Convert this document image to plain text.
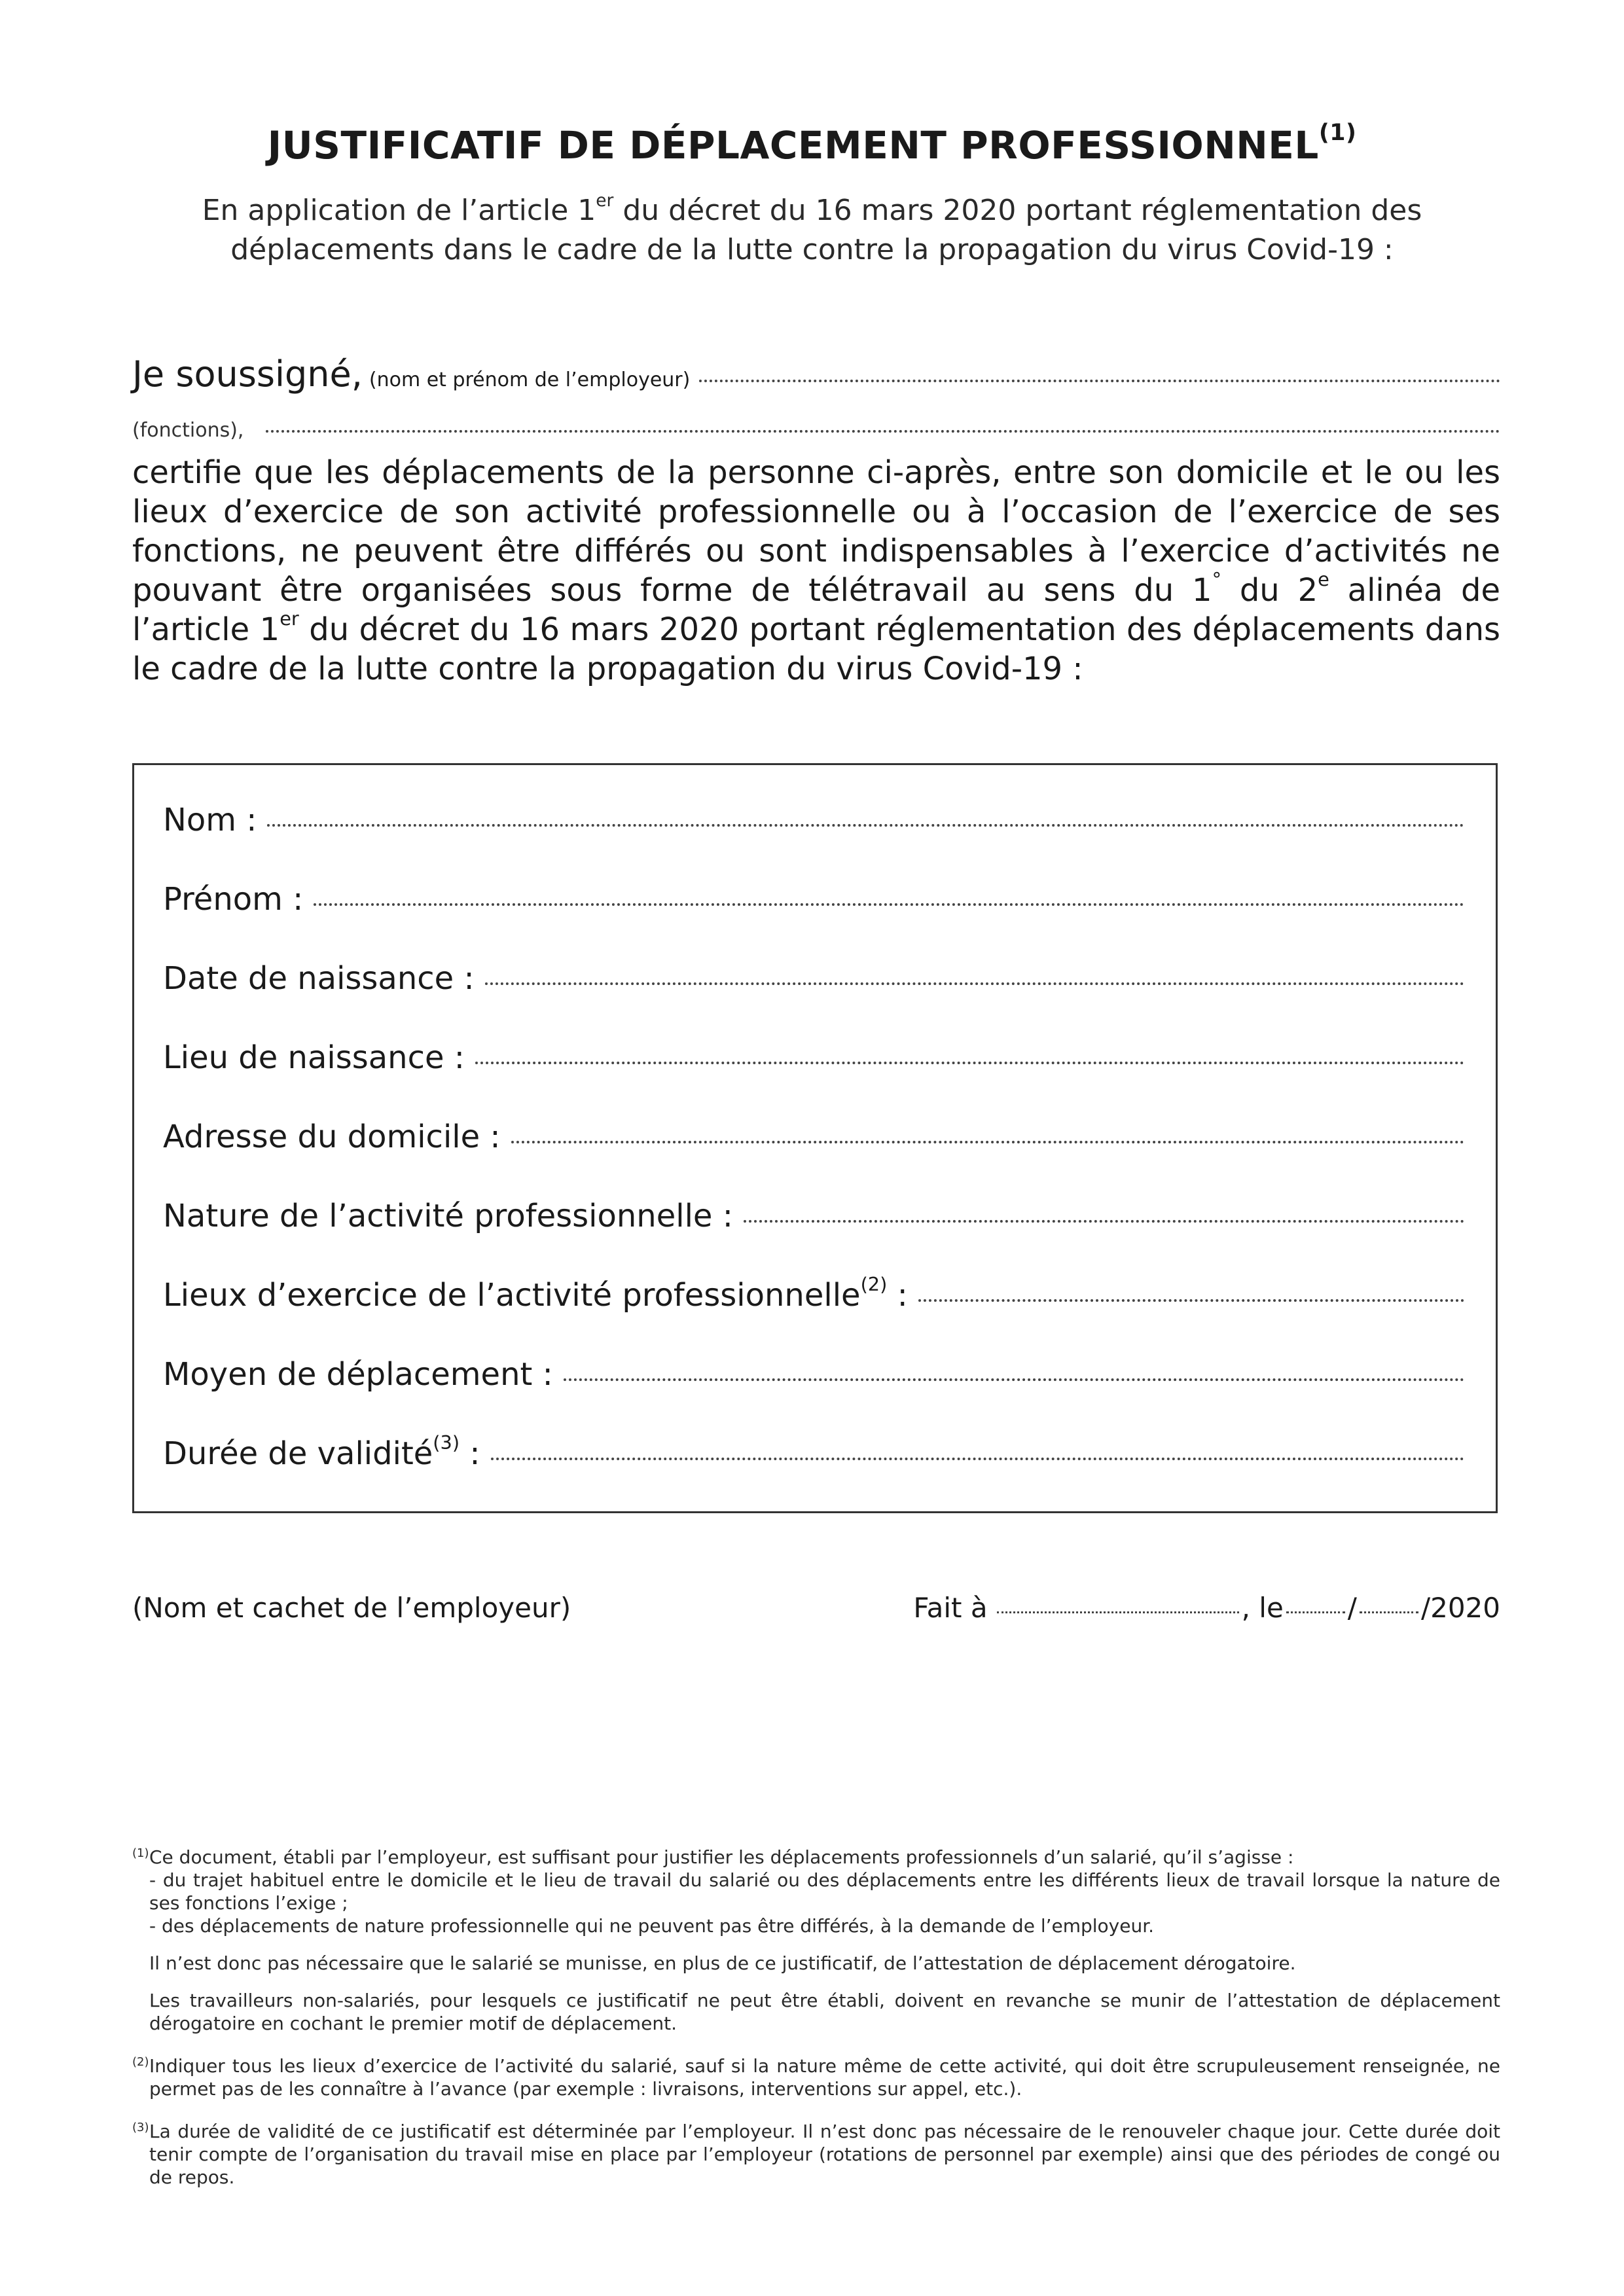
JUSTIFICATIF DE DÉPLACEMENT PROFESSIONNEL$^{(1)}$
En application de l’article 1er du décret du 16 mars 2020 portant réglementation des
déplacements dans le cadre de la lutte contre la propagation du virus Covid-19 :
Je soussigné, (nom et prénom de l’employeur)
(fonctions),
certifie que les déplacements de la personne ci-après, entre son domicile et le ou les lieux d’exercice de son activité professionnelle ou à l’occasion de l’exercice de ses fonctions, ne peuvent être différés ou sont indispensables à l’exercice d’activités ne pouvant être organisées sous forme de télétravail au sens du 1° du 2e alinéa de l’article 1er du décret du 16 mars 2020 portant réglementation des déplacements dans le cadre de la lutte contre la propagation du virus Covid-19 :
Nom :
Prénom :
Date de naissance :
Lieu de naissance :
Adresse du domicile :
Nature de l’activité professionnelle :
Lieux d’exercice de l’activité professionnelle$^{(2)}$ :
Moyen de déplacement :
Durée de validité$^{(3)}$ :
(Nom et cachet de l’employeur)	Fait à	, le / /2020
(1) Ce document, établi par l’employeur, est suffisant pour justifier les déplacements professionnels d’un salarié, qu’il s’agisse :

- du trajet habituel entre le domicile et le lieu de travail du salarié ou des déplacements entre les différents lieux de travail lorsque la nature de ses fonctions l’exige ;

- des déplacements de nature professionnelle qui ne peuvent pas être différés, à la demande de l’employeur.

Il n’est donc pas nécessaire que le salarié se munisse, en plus de ce justificatif, de l’attestation de déplacement dérogatoire.

Les travailleurs non-salariés, pour lesquels ce justificatif ne peut être établi, doivent en revanche se munir de l’attestation de déplacement dérogatoire en cochant le premier motif de déplacement.

(2) Indiquer tous les lieux d’exercice de l’activité du salarié, sauf si la nature même de cette activité, qui doit être scrupuleusement renseignée, ne permet pas de les connaître à l’avance (par exemple : livraisons, interventions sur appel, etc.).

(3) La durée de validité de ce justificatif est déterminée par l’employeur. Il n’est donc pas nécessaire de le renouveler chaque jour. Cette durée doit tenir compte de l’organisation du travail mise en place par l’employeur (rotations de personnel par exemple) ainsi que des périodes de congé ou de repos.
